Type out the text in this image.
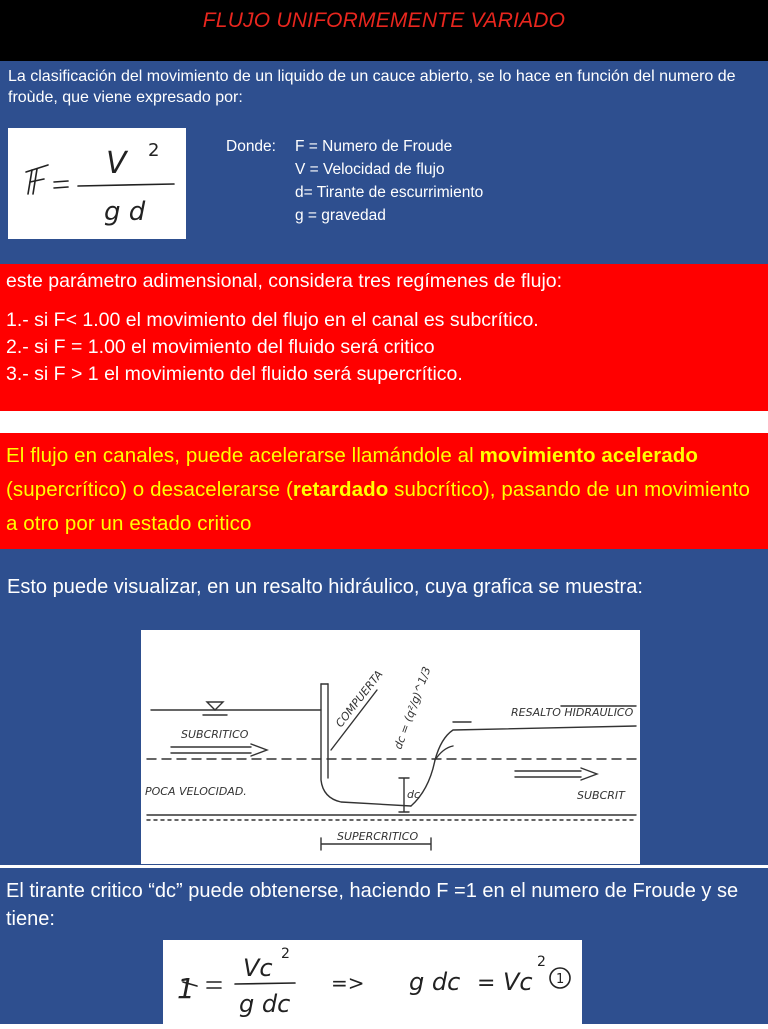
FLUJO UNIFORMEMENTE VARIADO
La clasificación del movimiento de un liquido de un cauce abierto, se lo hace en función del numero de froùde, que viene expresado por:
V 2
g d
Donde: F = Numero de Froude
V = Velocidad de flujo
d= Tirante de escurrimiento
g = gravedad

este parámetro adimensional, considera tres regímenes de flujo:

1.- si F< 1.00 el movimiento del flujo en el canal es subcrítico.

2.- si F = 1.00 el movimiento del fluido será critico

3.- si F > 1 el movimiento del fluido será supercrítico.

El flujo en canales, puede acelerarse llamándole al movimiento acelerado (supercrítico) o desacelerarse (retardado subcrítico), pasando de un movimiento a otro por un estado critico
Esto puede visualizar, en un resalto hidráulico, cuya grafica se muestra:
SUBCRITICO
POCA VELOCIDAD.
COMPUERTA	RESALTO HIDRAULICO
SUBCRIT
SUPERCRITICO
dc
dc = (q²/g)^1/3
El tirante critico “dc” puede obtenerse, haciendo F =1 en el numero de Froude y se tiene:
1
Vc 2
g dc
=> g dc = Vc
2
1
